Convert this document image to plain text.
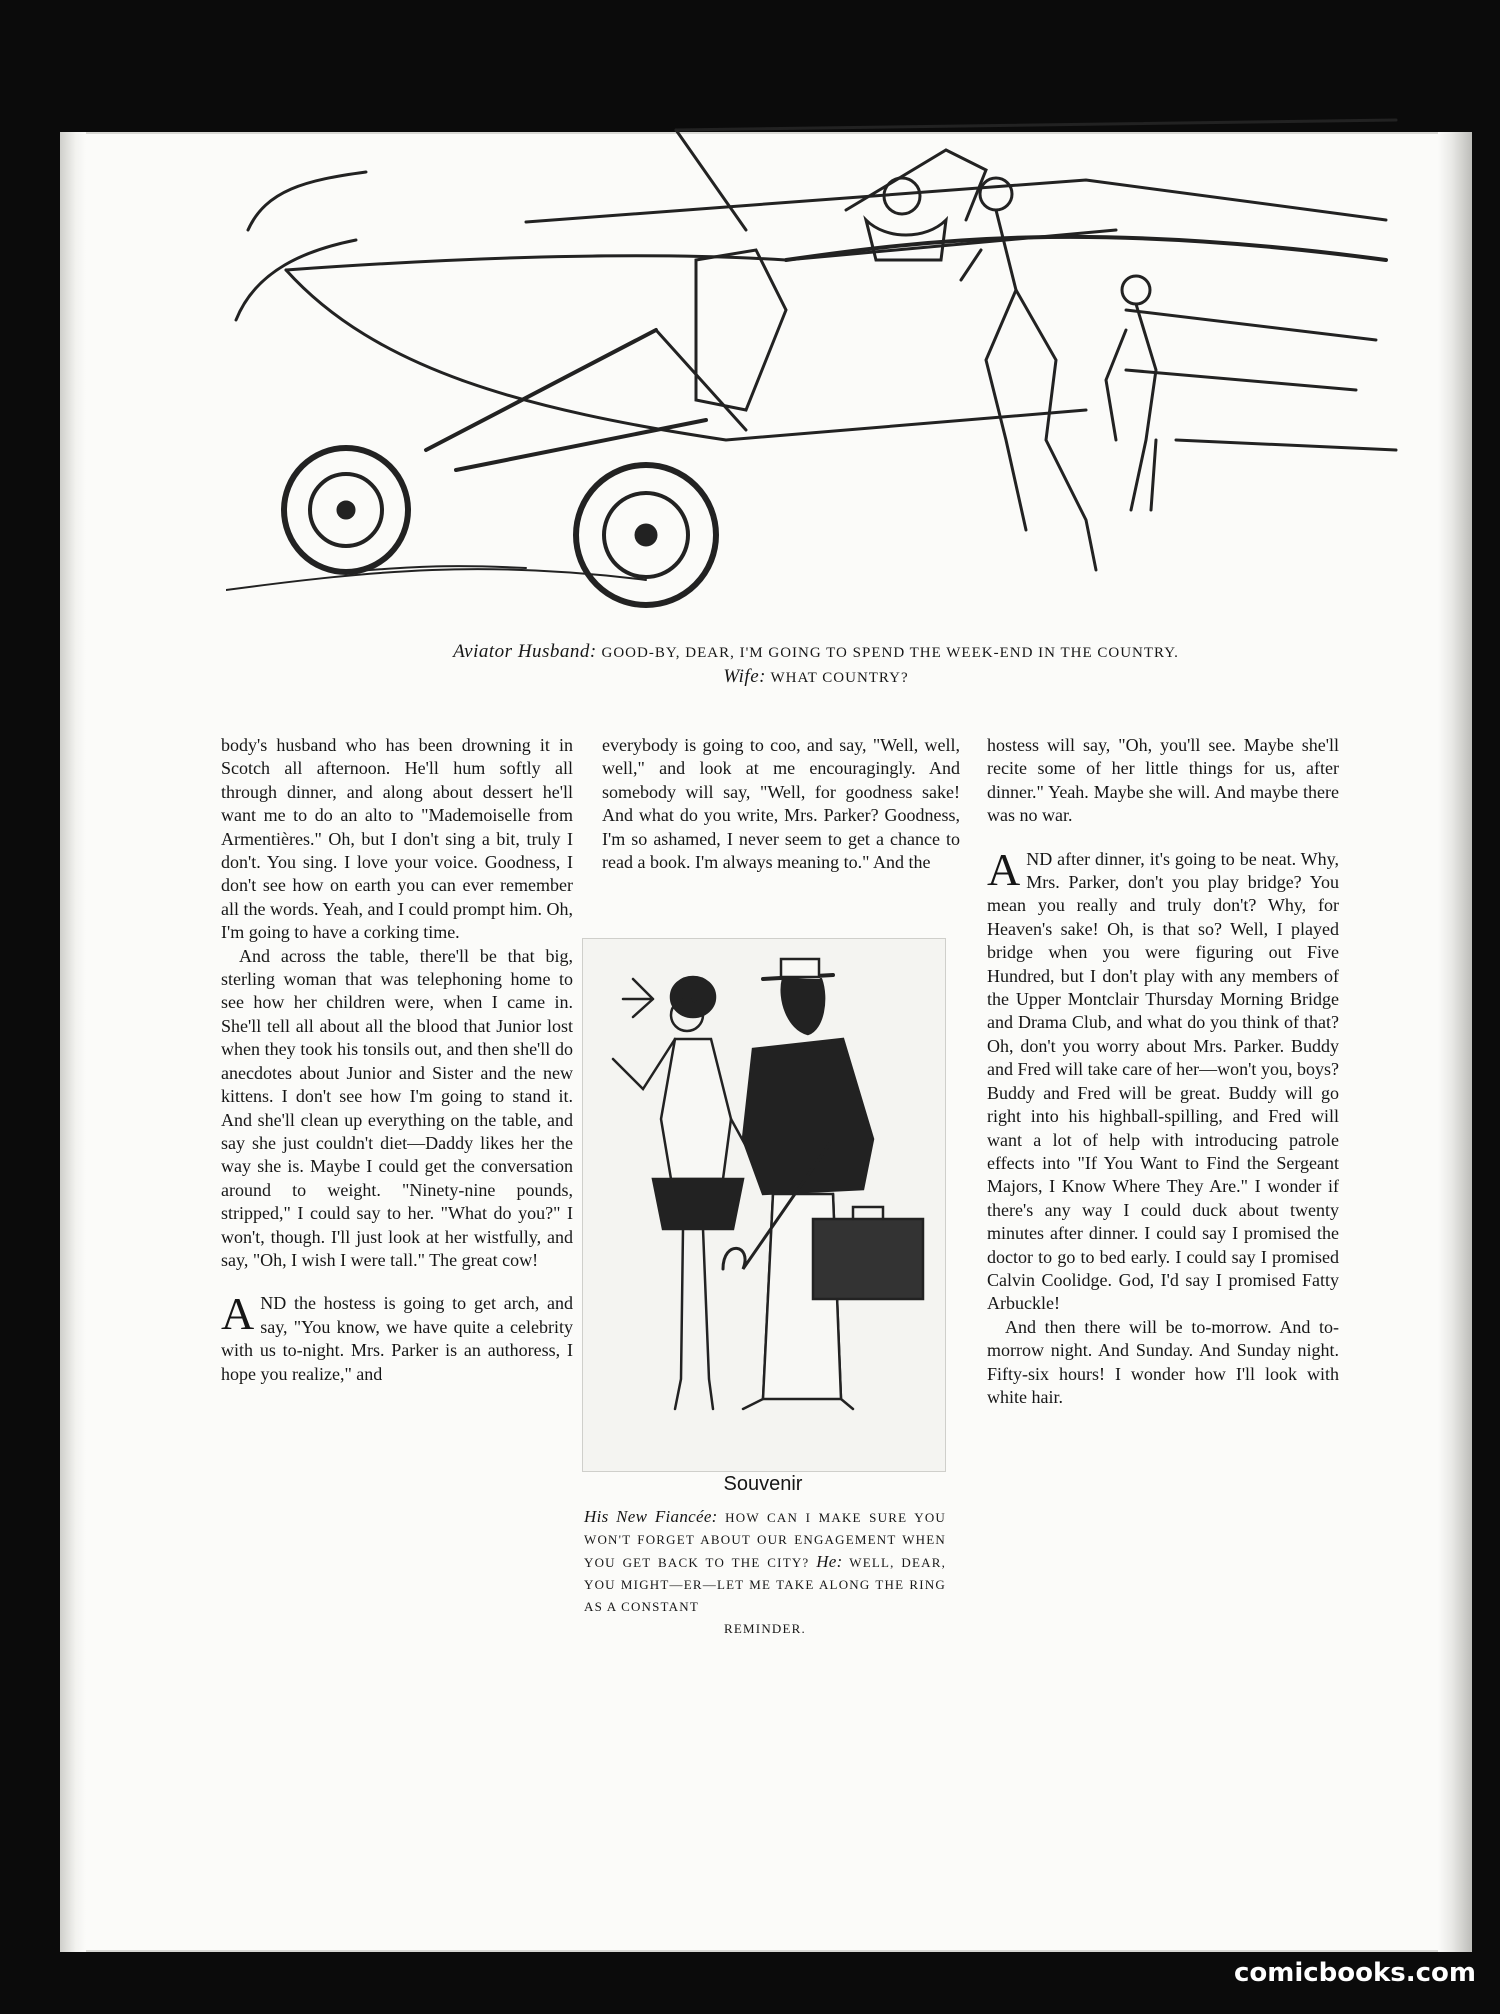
Aviator Husband: GOOD-BY, DEAR, I'M GOING TO SPEND THE WEEK-END IN THE COUNTRY.
Wife: WHAT COUNTRY?

body's husband who has been drowning it in Scotch all afternoon. He'll hum softly all through dinner, and along about dessert he'll want me to do an alto to "Mademoiselle from Armentières." Oh, but I don't sing a bit, truly I don't. You sing. I love your voice. Goodness, I don't see how on earth you can ever remember all the words. Yeah, and I could prompt him. Oh, I'm going to have a corking time.

And across the table, there'll be that big, sterling woman that was telephoning home to see how her children were, when I came in. She'll tell all about all the blood that Junior lost when they took his tonsils out, and then she'll do anecdotes about Junior and Sister and the new kittens. I don't see how I'm going to stand it. And she'll clean up everything on the table, and say she just couldn't diet—Daddy likes her the way she is. Maybe I could get the conversation around to weight. "Ninety-nine pounds, stripped," I could say to her. "What do you?" I won't, though. I'll just look at her wistfully, and say, "Oh, I wish I were tall." The great cow!

AND the hostess is going to get arch, and say, "You know, we have quite a celebrity with us to-night. Mrs. Parker is an authoress, I hope you realize," and

everybody is going to coo, and say, "Well, well, well," and look at me encouragingly. And somebody will say, "Well, for goodness sake! And what do you write, Mrs. Parker? Goodness, I'm so ashamed, I never seem to get a chance to read a book. I'm always meaning to." And the

Souvenir
His New Fiancée: HOW CAN I MAKE SURE YOU WON'T FORGET ABOUT OUR ENGAGEMENT WHEN YOU GET BACK TO THE CITY? He: WELL, DEAR, YOU MIGHT—ER—LET ME TAKE ALONG THE RING AS A CONSTANT
REMINDER.

hostess will say, "Oh, you'll see. Maybe she'll recite some of her little things for us, after dinner." Yeah. Maybe she will. And maybe there was no war.

AND after dinner, it's going to be neat. Why, Mrs. Parker, don't you play bridge? You mean you really and truly don't? Why, for Heaven's sake! Oh, is that so? Well, I played bridge when you were figuring out Five Hundred, but I don't play with any members of the Upper Montclair Thursday Morning Bridge and Drama Club, and what do you think of that? Oh, don't you worry about Mrs. Parker. Buddy and Fred will take care of her—won't you, boys? Buddy and Fred will be great. Buddy will go right into his highball-spilling, and Fred will want a lot of help with introducing patrole effects into "If You Want to Find the Sergeant Majors, I Know Where They Are." I wonder if there's any way I could duck about twenty minutes after dinner. I could say I promised the doctor to go to bed early. I could say I promised Calvin Coolidge. God, I'd say I promised Fatty Arbuckle!

And then there will be to-morrow. And to-morrow night. And Sunday. And Sunday night. Fifty-six hours! I wonder how I'll look with white hair.

comicbooks.com
